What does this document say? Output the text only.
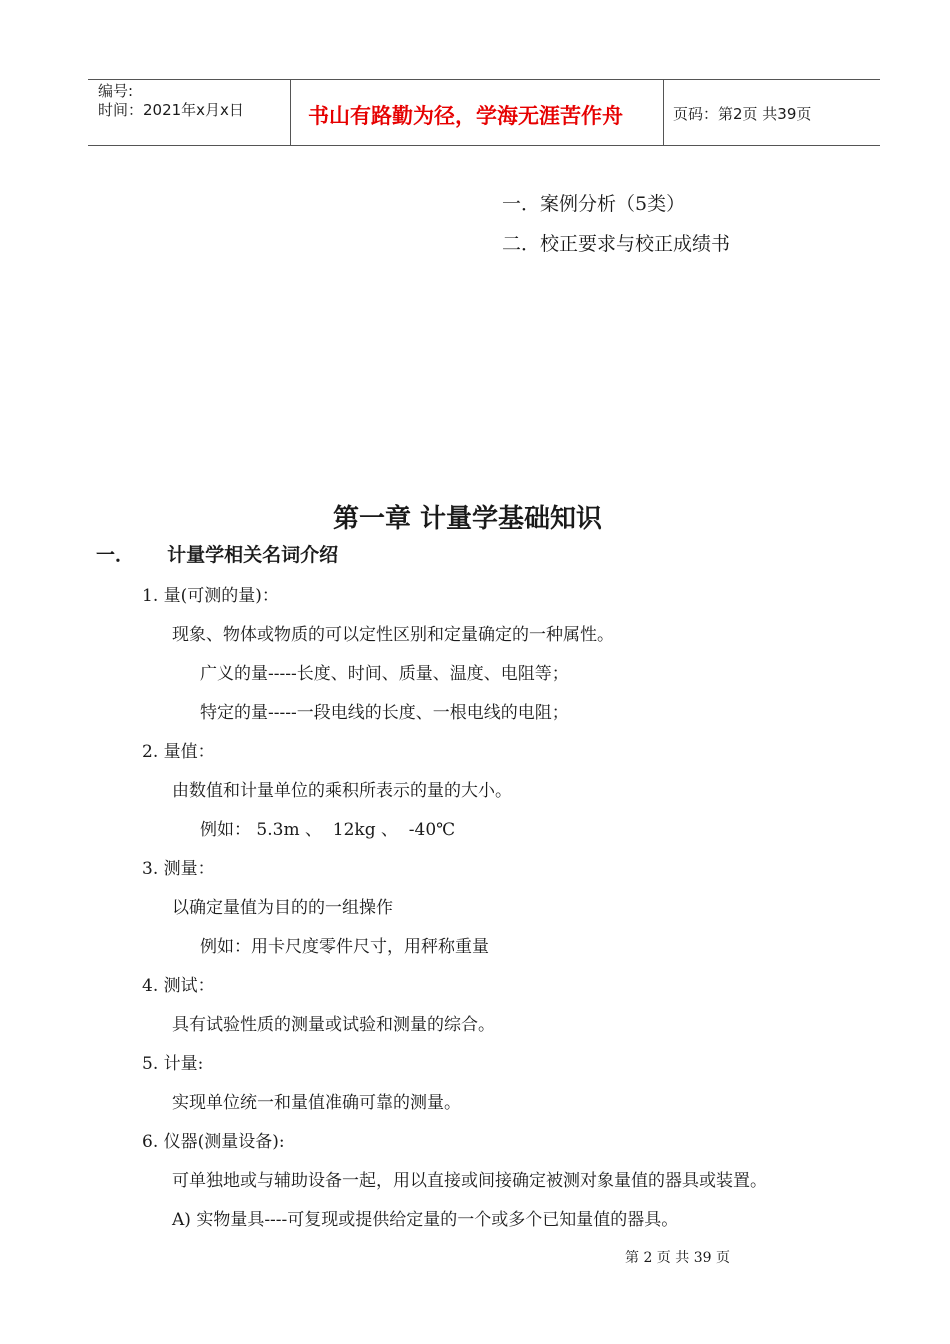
编号:
时间：2021年x月x日	书山有路勤为径，学海无涯苦作舟	页码：第2页 共39页
一．案例分析（5类）
二．校正要求与校正成绩书
第一章 计量学基础知识
一．     计量学相关名词介绍
1. 量(可测的量)：
现象、物体或物质的可以定性区别和定量确定的一种属性。
广义的量-----长度、时间、质量、温度、电阻等；
特定的量-----一段电线的长度、一根电线的电阻；
2. 量值：
由数值和计量单位的乘积所表示的量的大小。
例如： 5.3m 、  12kg 、  -40℃
3. 测量：
以确定量值为目的的一组操作
例如：用卡尺度零件尺寸，用秤称重量
4. 测试：
具有试验性质的测量或试验和测量的综合。
5. 计量:
实现单位统一和量值准确可靠的测量。
6. 仪器(测量设备):
可单独地或与辅助设备一起，用以直接或间接确定被测对象量值的器具或装置。
A) 实物量具----可复现或提供给定量的一个或多个已知量值的器具。
第 2 页 共 39 页
